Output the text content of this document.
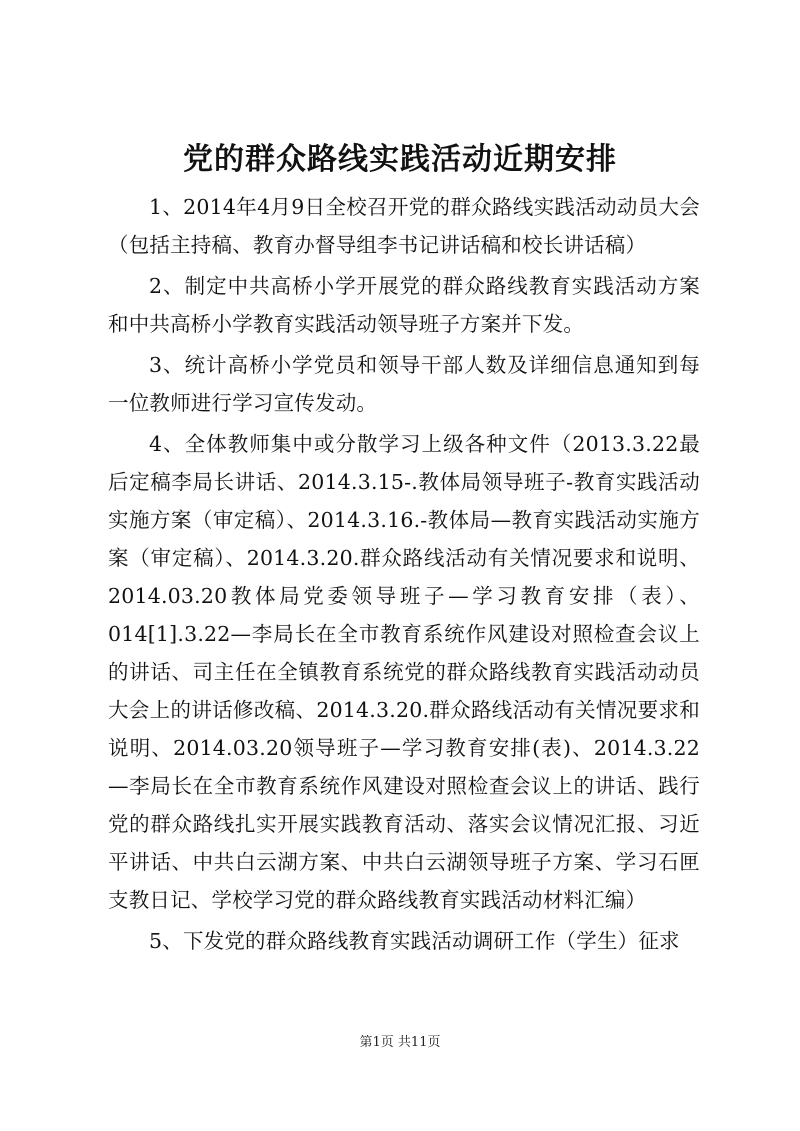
党的群众路线实践活动近期安排

1、2014年4月9日全校召开党的群众路线实践活动动员大会（包括主持稿、教育办督导组李书记讲话稿和校长讲话稿）

2、制定中共高桥小学开展党的群众路线教育实践活动方案和中共高桥小学教育实践活动领导班子方案并下发。

3、统计高桥小学党员和领导干部人数及详细信息通知到每一位教师进行学习宣传发动。

4、全体教师集中或分散学习上级各种文件（2013.3.22最后定稿李局长讲话、2014.3.15-.教体局领导班子-教育实践活动实施方案（审定稿）、2014.3.16.-教体局—教育实践活动实施方案（审定稿）、2014.3.20.群众路线活动有关情况要求和说明、2014.03.20教体局党委领导班子—学习教育安排（表）、014[1].3.22—李局长在全市教育系统作风建设对照检查会议上的讲话、司主任在全镇教育系统党的群众路线教育实践活动动员大会上的讲话修改稿、2014.3.20.群众路线活动有关情况要求和说明、2014.03.20领导班子—学习教育安排(表)、2014.3.22—李局长在全市教育系统作风建设对照检查会议上的讲话、践行党的群众路线扎实开展实践教育活动、落实会议情况汇报、习近平讲话、中共白云湖方案、中共白云湖领导班子方案、学习石匣支教日记、学校学习党的群众路线教育实践活动材料汇编）

5、下发党的群众路线教育实践活动调研工作（学生）征求

第1页 共11页
